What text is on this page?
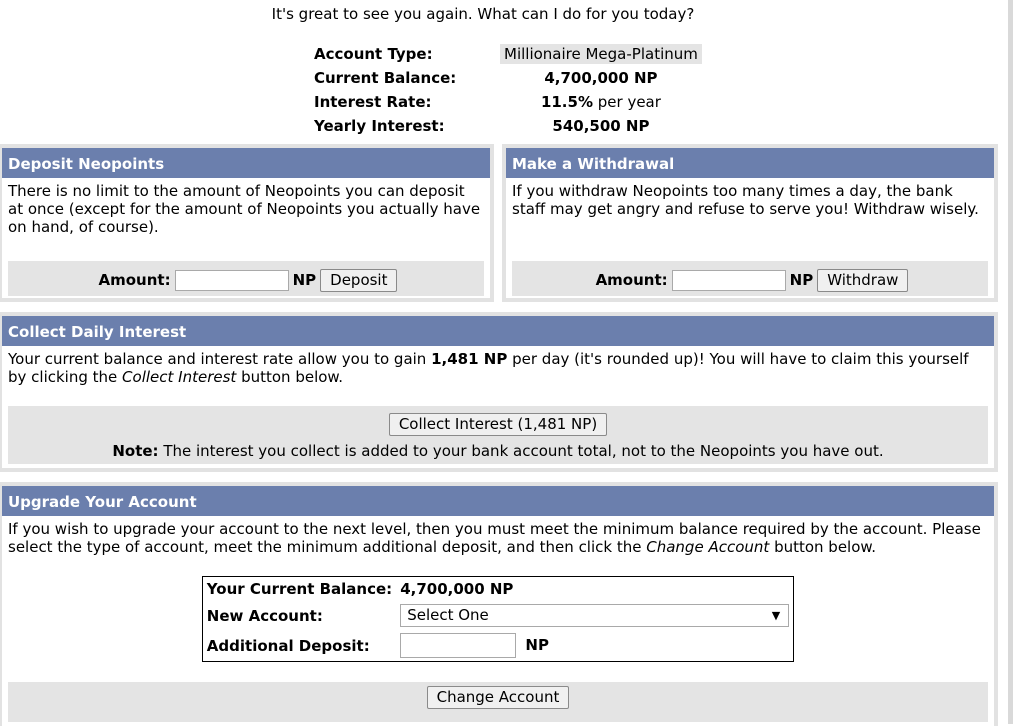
It's great to see you again. What can I do for you today?
Account Type:	Millionaire Mega-Platinum
Current Balance:	4,700,000 NP
Interest Rate:	11.5% per year
Yearly Interest:	540,500 NP
Deposit Neopoints
There is no limit to the amount of Neopoints you can deposit at once (except for the amount of Neopoints you actually have on hand, of course).
Amount:	NP Deposit
Make a Withdrawal
If you withdraw Neopoints too many times a day, the bank staff may get angry and refuse to serve you! Withdraw wisely.
Amount:	NP Withdraw
Collect Daily Interest
Your current balance and interest rate allow you to gain 1,481 NP per day (it's rounded up)! You will have to claim this yourself by clicking the Collect Interest button below.
Collect Interest (1,481 NP)
Note: The interest you collect is added to your bank account total, not to the Neopoints you have out.
Upgrade Your Account
If you wish to upgrade your account to the next level, then you must meet the minimum balance required by the account. Please select the type of account, meet the minimum additional deposit, and then click the Change Account button below.
Your Current Balance:	4,700,000 NP
New Account:	Select One ▼

Additional Deposit:	NP
Change Account
